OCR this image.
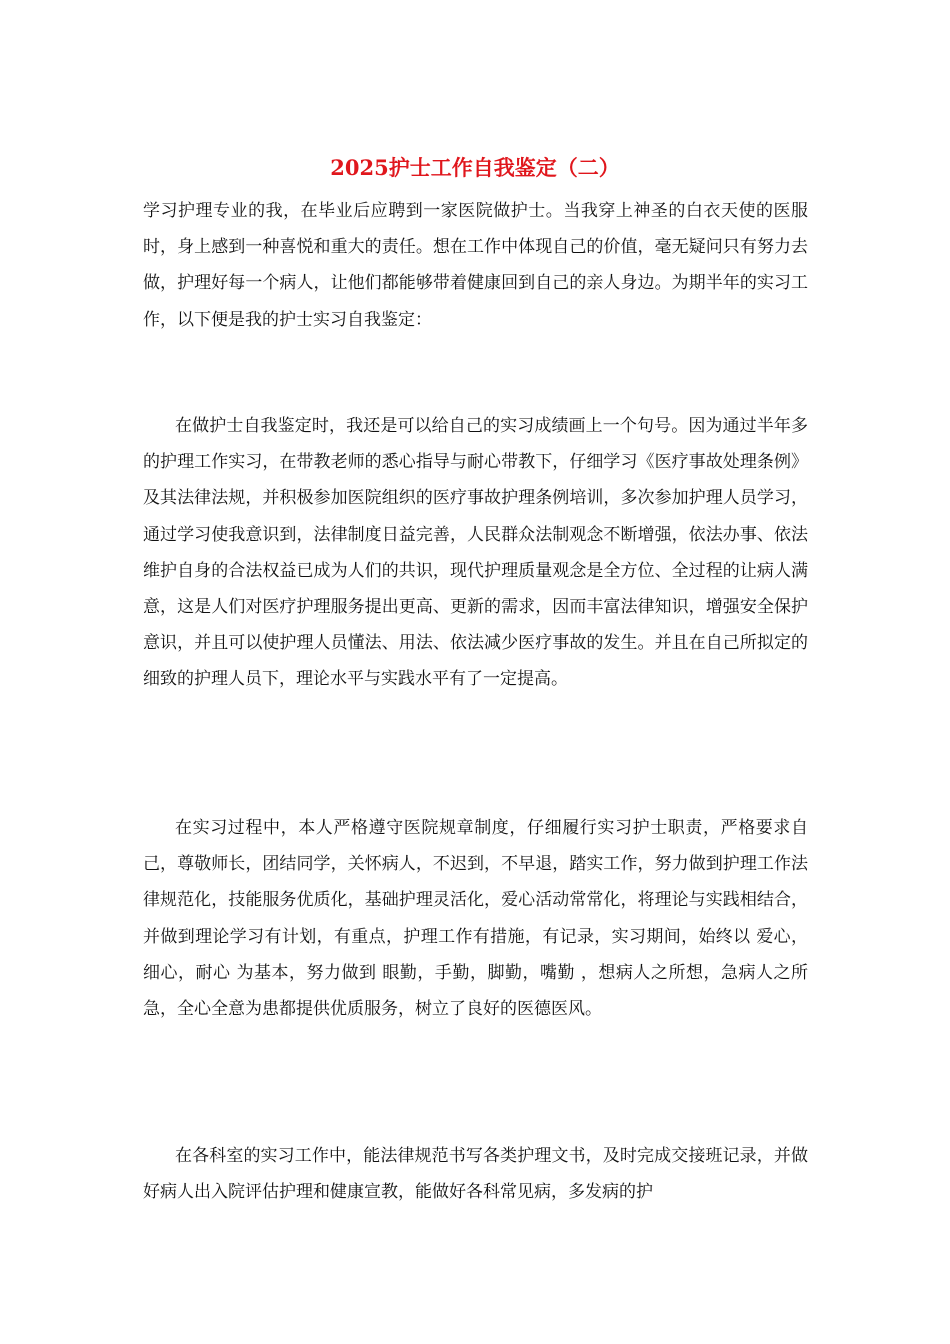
2025护士工作自我鉴定（二）

学习护理专业的我，在毕业后应聘到一家医院做护士。当我穿上神圣的白衣天使的医服时，身上感到一种喜悦和重大的责任。想在工作中体现自己的价值，毫无疑问只有努力去做，护理好每一个病人，让他们都能够带着健康回到自己的亲人身边。为期半年的实习工作，以下便是我的护士实习自我鉴定：

在做护士自我鉴定时，我还是可以给自己的实习成绩画上一个句号。因为通过半年多的护理工作实习，在带教老师的悉心指导与耐心带教下，仔细学习《医疗事故处理条例》及其法律法规，并积极参加医院组织的医疗事故护理条例培训，多次参加护理人员学习，通过学习使我意识到，法律制度日益完善，人民群众法制观念不断增强，依法办事、依法维护自身的合法权益已成为人们的共识，现代护理质量观念是全方位、全过程的让病人满意，这是人们对医疗护理服务提出更高、更新的需求，因而丰富法律知识，增强安全保护意识，并且可以使护理人员懂法、用法、依法减少医疗事故的发生。并且在自己所拟定的细致的护理人员下，理论水平与实践水平有了一定提高。

在实习过程中，本人严格遵守医院规章制度，仔细履行实习护士职责，严格要求自己，尊敬师长，团结同学，关怀病人，不迟到，不早退，踏实工作，努力做到护理工作法律规范化，技能服务优质化，基础护理灵活化，爱心活动常常化，将理论与实践相结合，并做到理论学习有计划，有重点，护理工作有措施，有记录，实习期间，始终以 爱心，细心，耐心 为基本，努力做到 眼勤，手勤，脚勤，嘴勤 ，想病人之所想，急病人之所急，全心全意为患都提供优质服务，树立了良好的医德医风。

在各科室的实习工作中，能法律规范书写各类护理文书，及时完成交接班记录，并做好病人出入院评估护理和健康宣教，能做好各科常见病，多发病的护
